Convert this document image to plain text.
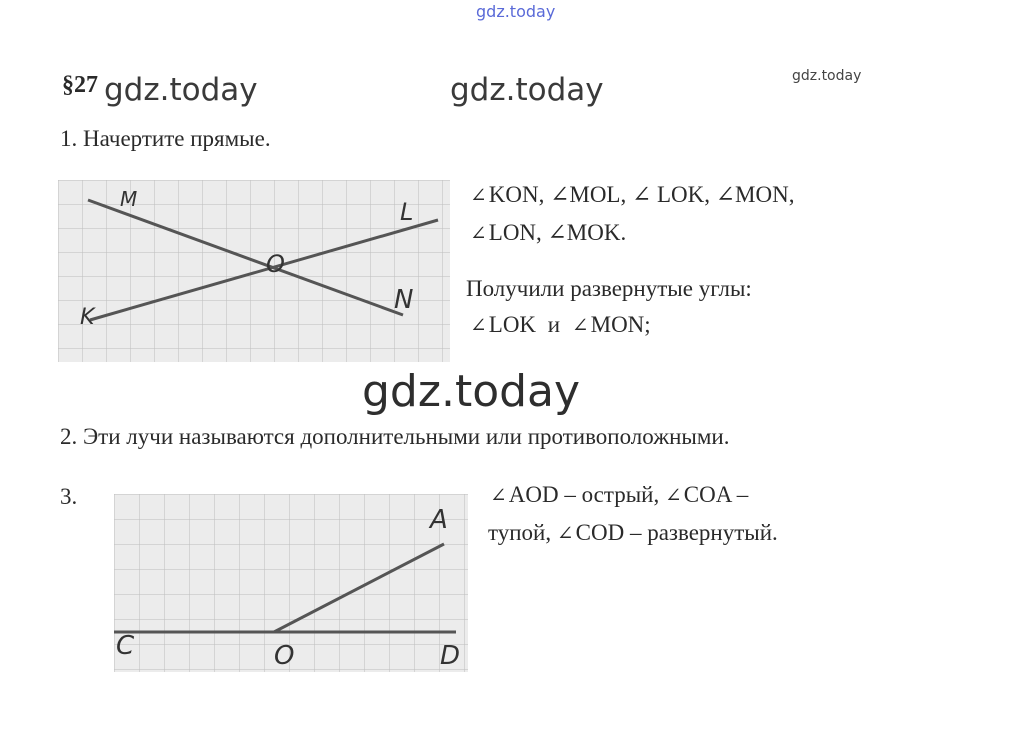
gdz.today
§27 gdz.today	gdz.today	gdz.today
1. Начертите прямые.
M	L
O
K
N
∠KON, ∠MOL, ∠ LOK, ∠MON,
∠LON, ∠MOK.
Получили развернутые углы:
∠LOK и ∠MON;
gdz.today
2. Эти лучи называются дополнительными или противоположными.
3.
A
C	O	D
∠AOD – острый, ∠COA –
тупой, ∠COD – развернутый.
